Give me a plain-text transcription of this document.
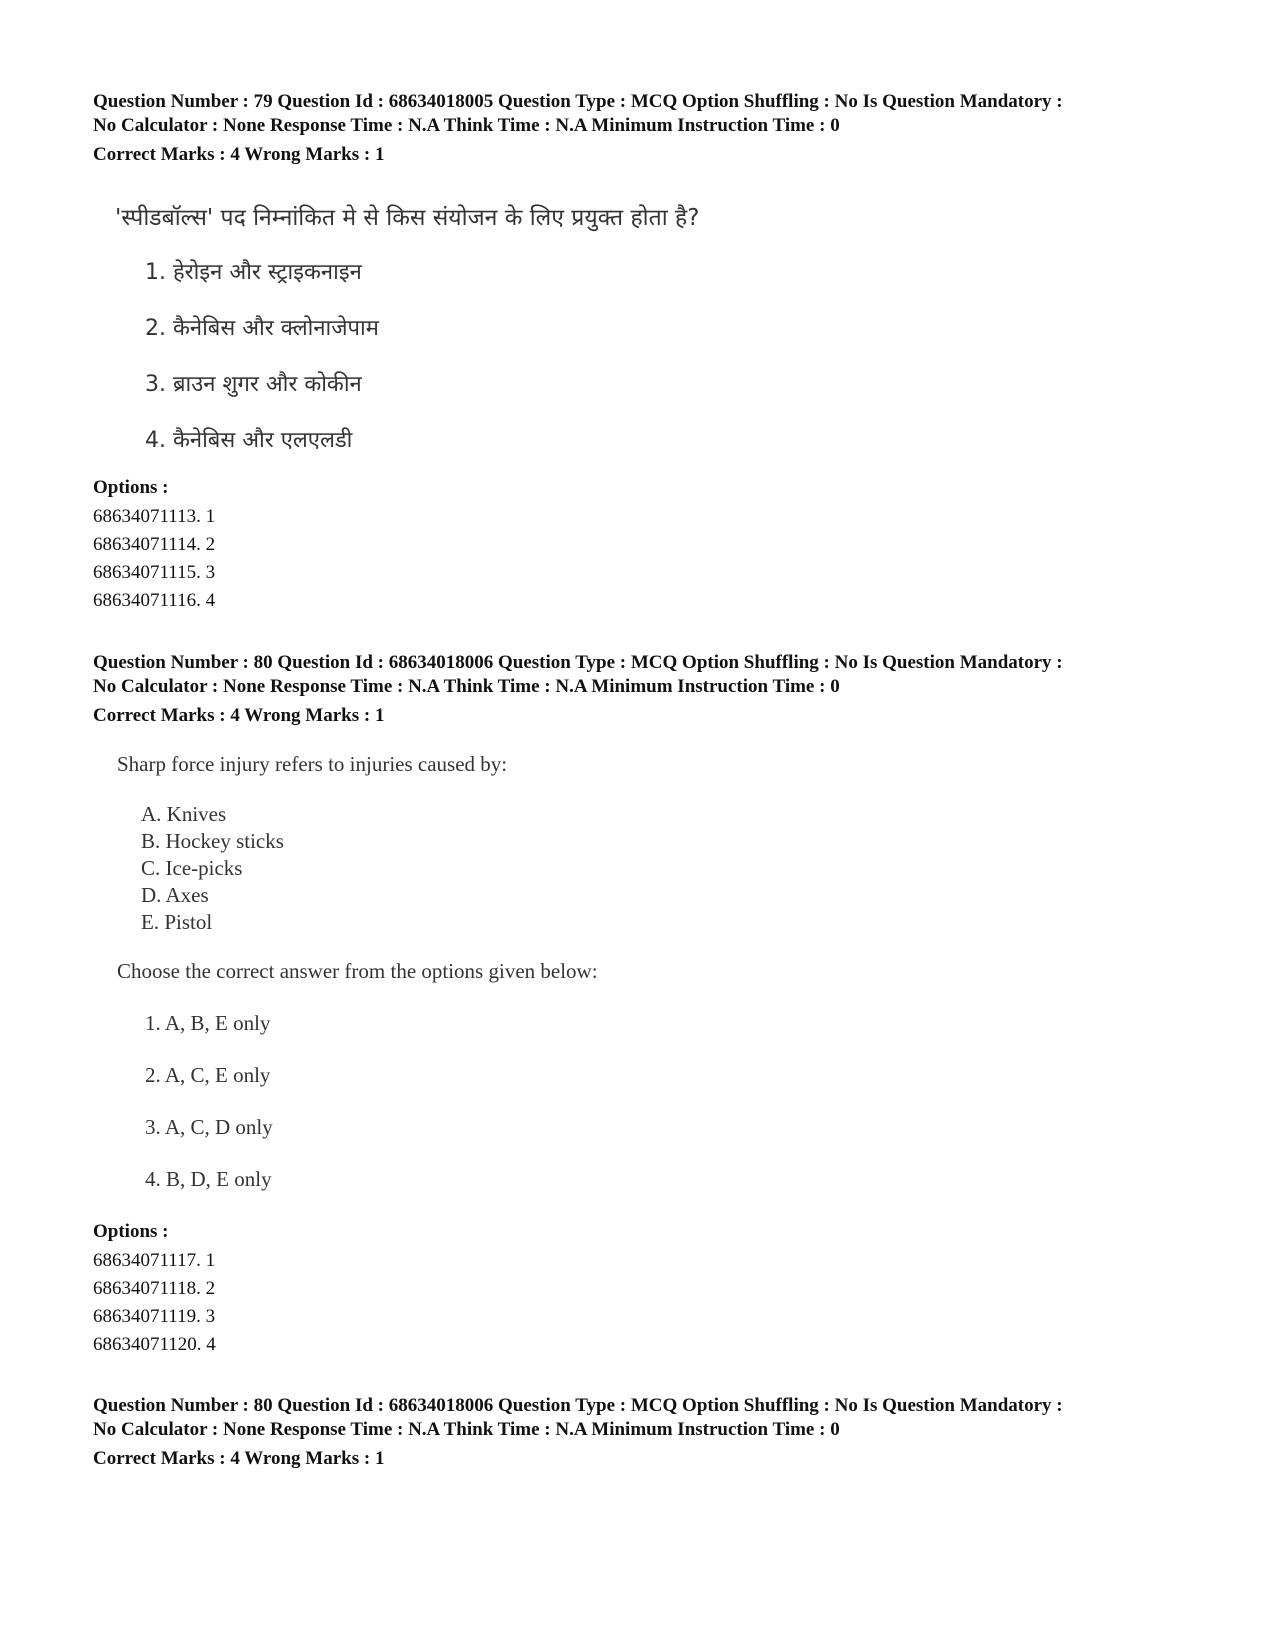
Question Number : 79 Question Id : 68634018005 Question Type : MCQ Option Shuffling : No Is Question Mandatory :

No Calculator : None Response Time : N.A Think Time : N.A Minimum Instruction Time : 0

Correct Marks : 4 Wrong Marks : 1

'स्पीडबॉल्स' पद निम्नांकित मे से किस संयोजन के लिए प्रयुक्त होता है?
1. हेरोइन और स्ट्राइकनाइन
2. कैनेबिस और क्लोनाजेपाम
3. ब्राउन शुगर और कोकीन
4. कैनेबिस और एलएलडी
Options :
68634071113. 1
68634071114. 2
68634071115. 3
68634071116. 4

Question Number : 80 Question Id : 68634018006 Question Type : MCQ Option Shuffling : No Is Question Mandatory :

No Calculator : None Response Time : N.A Think Time : N.A Minimum Instruction Time : 0

Correct Marks : 4 Wrong Marks : 1

Sharp force injury refers to injuries caused by:
A. Knives
B. Hockey sticks
C. Ice-picks
D. Axes
E. Pistol
Choose the correct answer from the options given below:
1. A, B, E only
2. A, C, E only
3. A, C, D only
4. B, D, E only
Options :
68634071117. 1
68634071118. 2
68634071119. 3
68634071120. 4

Question Number : 80 Question Id : 68634018006 Question Type : MCQ Option Shuffling : No Is Question Mandatory :

No Calculator : None Response Time : N.A Think Time : N.A Minimum Instruction Time : 0

Correct Marks : 4 Wrong Marks : 1
